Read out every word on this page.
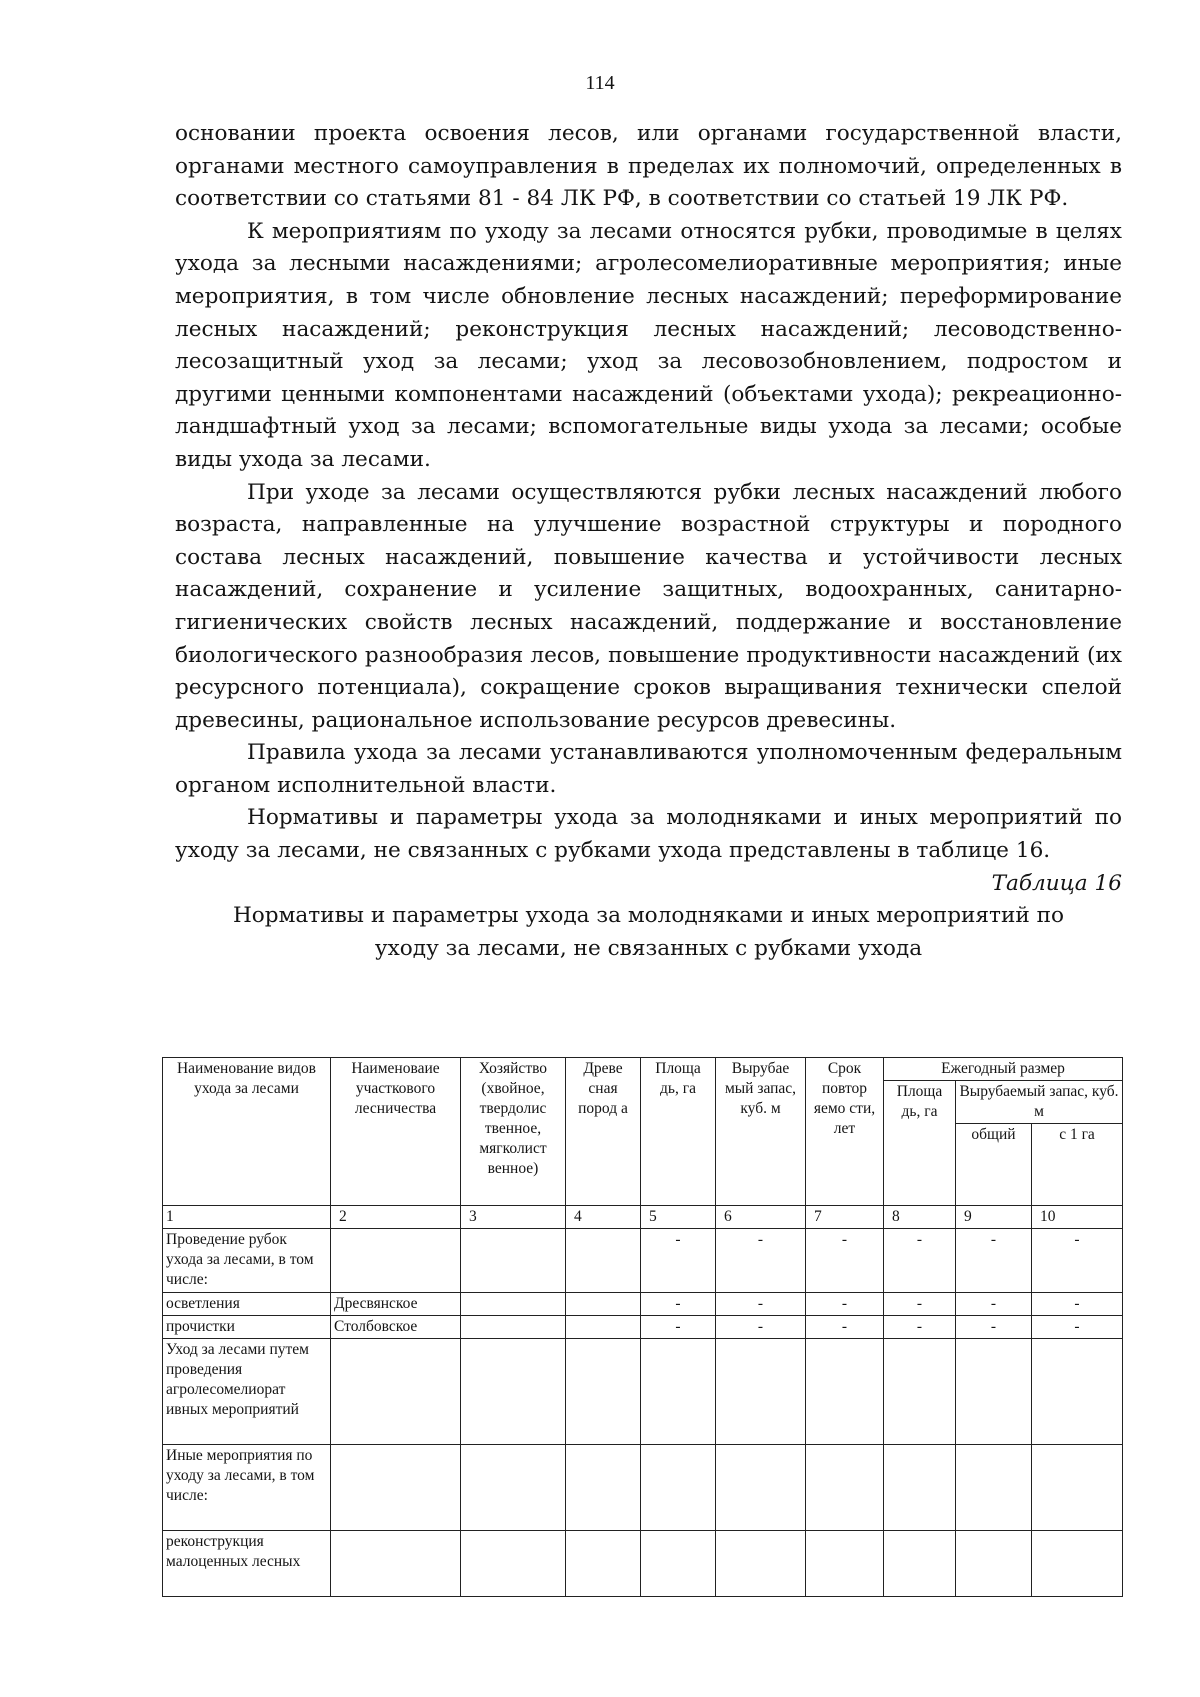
114

основании проекта освоения лесов, или органами государственной власти, органами местного самоуправления в пределах их полномочий, определенных в соответствии со статьями 81 - 84 ЛК РФ, в соответствии со статьей 19 ЛК РФ.

К мероприятиям по уходу за лесами относятся рубки, проводимые в целях ухода за лесными насаждениями; агролесомелиоративные мероприятия; иные мероприятия, в том числе обновление лесных насаждений; переформирование лесных насаждений; реконструкция лесных насаждений; лесоводственно-лесозащитный уход за лесами; уход за лесовозобновлением, подростом и другими ценными компонентами насаждений (объектами ухода); рекреационно-ландшафтный уход за лесами; вспомогательные виды ухода за лесами; особые виды ухода за лесами.

При уходе за лесами осуществляются рубки лесных насаждений любого возраста, направленные на улучшение возрастной структуры и породного состава лесных насаждений, повышение качества и устойчивости лесных насаждений, сохранение и усиление защитных, водоохранных, санитарно-гигиенических свойств лесных насаждений, поддержание и восстановление биологического разнообразия лесов, повышение продуктивности насаждений (их ресурсного потенциала), сокращение сроков выращивания технически спелой древесины, рациональное использование ресурсов древесины.

Правила ухода за лесами устанавливаются уполномоченным федеральным органом исполнительной власти.

Нормативы и параметры ухода за молодняками и иных мероприятий по уходу за лесами, не связанных с рубками ухода представлены в таблице 16.

Таблица 16

Нормативы и параметры ухода за молодняками и иных мероприятий по

уходу за лесами, не связанных с рубками ухода

Наименование видов ухода за лесами	Наименоваие участкового лесничества	Хозяйство (хвойное, твердолис твенное, мягколист венное)	Древе сная пород а	Площа дь, га	Вырубае мый запас, куб. м	Срок повтор яемо сти, лет	Ежегодный размер		
							Площа дь, га	Вырубаемый запас, куб. м	
								общий	с 1 га
1	2	3	4	5	6	7	8	9	10
Проведение рубок ухода за лесами, в том числе:				-	-	-	-	-	-
осветления	Дресвянское			-	-	-	-	-	-
прочистки	Столбовское			-	-	-	-	-	-
Уход за лесами путем проведения агролесомелиорат ивных мероприятий									
Иные мероприятия по уходу за лесами, в том числе:									
реконструкция малоценных лесных									
